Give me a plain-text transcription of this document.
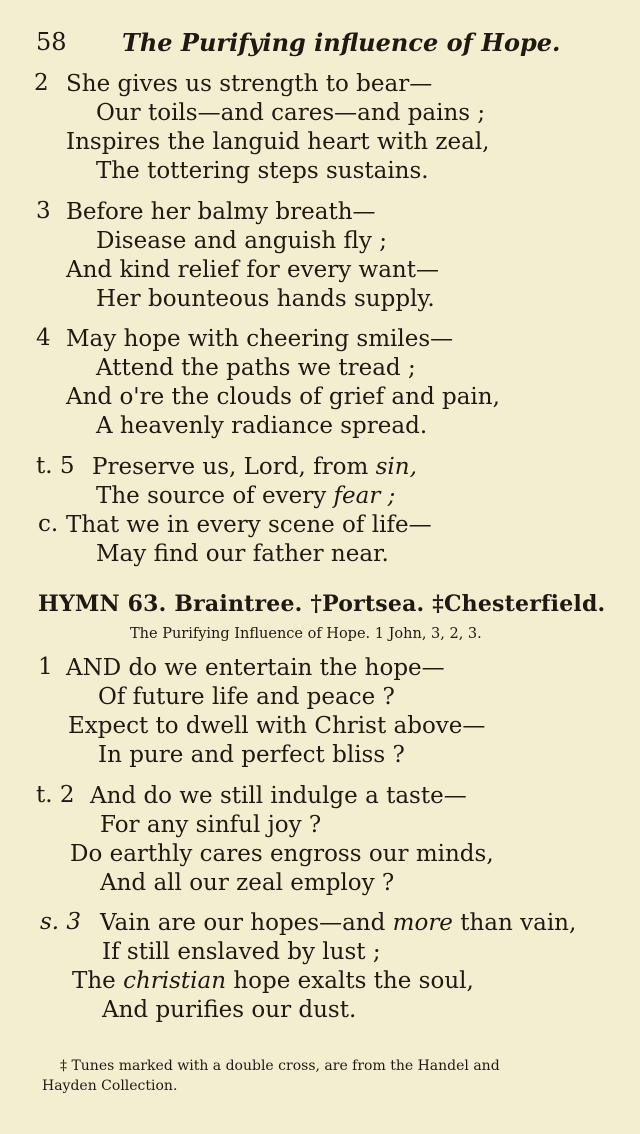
58 The Purifying influence of Hope.
2 She gives us strength to bear—
Our toils—and cares—and pains ;
Inspires the languid heart with zeal,
The tottering steps sustains.
3 Before her balmy breath—
Disease and anguish fly ;
And kind relief for every want—
Her bounteous hands supply.
4 May hope with cheering smiles—
Attend the paths we tread ;
And o're the clouds of grief and pain,
A heavenly radiance spread.
t. 5 Preserve us, Lord, from sin,
The source of every fear ;
c. That we in every scene of life—
May find our father near.
HYMN 63. Braintree. †Portsea. ‡Chesterfield.
The Purifying Influence of Hope. 1 John, 3, 2, 3.
1 AND do we entertain the hope—
Of future life and peace ?
Expect to dwell with Christ above—
In pure and perfect bliss ?
t. 2 And do we still indulge a taste—
For any sinful joy ?
Do earthly cares engross our minds,
And all our zeal employ ?
s. 3 Vain are our hopes—and more than vain,
If still enslaved by lust ;
The christian hope exalts the soul,
And purifies our dust.
‡ Tunes marked with a double cross, are from the Handel and
Hayden Collection.
